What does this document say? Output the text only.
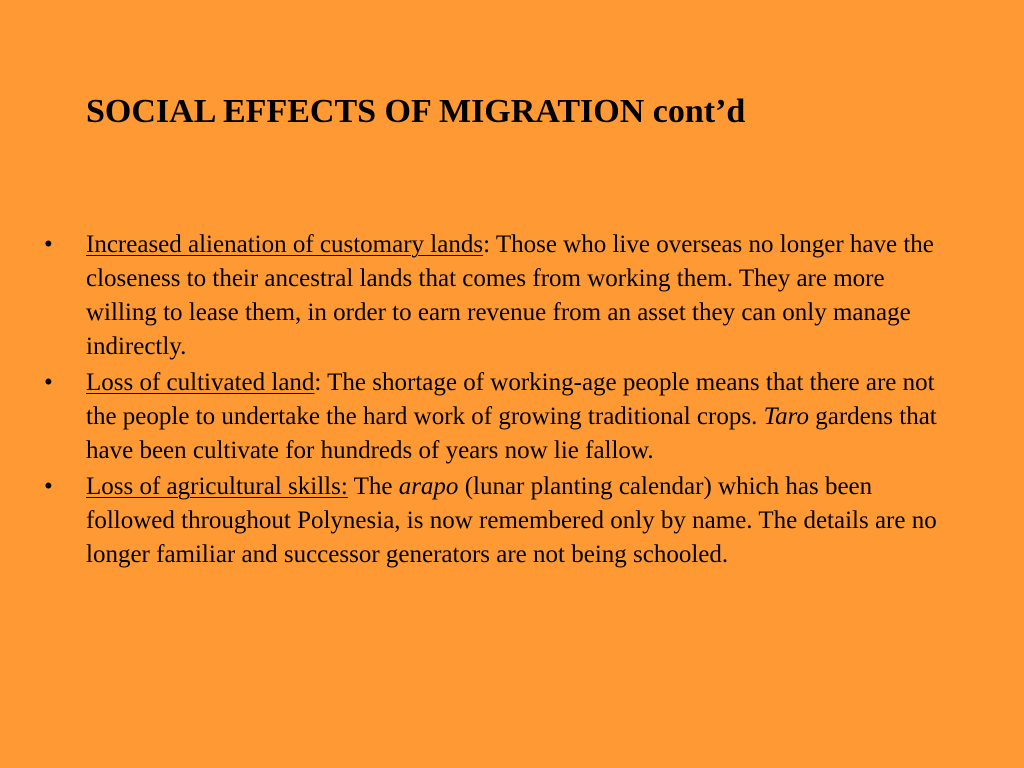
SOCIAL EFFECTS OF MIGRATION cont’d
• Increased alienation of customary lands: Those who live overseas no longer have the closeness to their ancestral lands that comes from working them. They are more willing to lease them, in order to earn revenue from an asset they can only manage indirectly.
• Loss of cultivated land: The shortage of working-age people means that there are not the people to undertake the hard work of growing traditional crops. Taro gardens that have been cultivate for hundreds of years now lie fallow.
• Loss of agricultural skills: The arapo (lunar planting calendar) which has been followed throughout Polynesia, is now remembered only by name. The details are no longer familiar and successor generators are not being schooled.
